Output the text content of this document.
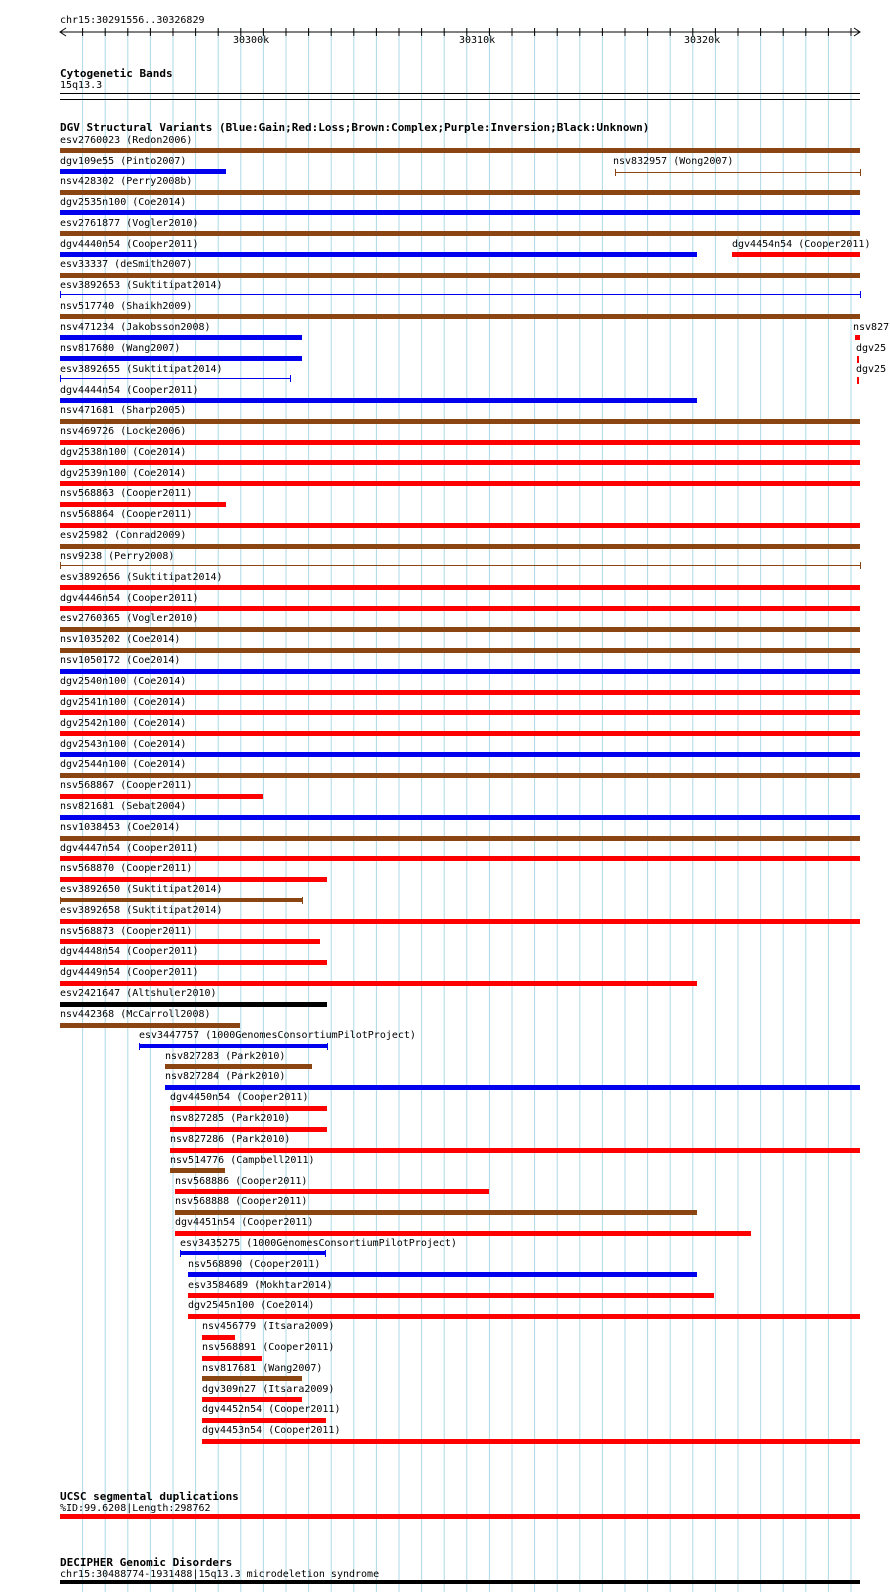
chr15:30291556..30326829
30300k	30310k	30320k
Cytogenetic Bands
15q13.3
DGV Structural Variants (Blue:Gain;Red:Loss;Brown:Complex;Purple:Inversion;Black:Unknown)
esv2760023 (Redon2006)
dgv109e55 (Pinto2007)	nsv832957 (Wong2007)
nsv428302 (Perry2008b)
dgv2535n100 (Coe2014)
esv2761877 (Vogler2010)
dgv4440n54 (Cooper2011)	dgv4454n54 (Cooper2011)
esv33337 (deSmith2007)
esv3892653 (Suktitipat2014)
nsv517740 (Shaikh2009)
nsv471234 (Jakobsson2008)	nsv827
nsv817680 (Wang2007)	dgv25
esv3892655 (Suktitipat2014)	dgv25
dgv4444n54 (Cooper2011)
nsv471681 (Sharp2005)
nsv469726 (Locke2006)
dgv2538n100 (Coe2014)
dgv2539n100 (Coe2014)
nsv568863 (Cooper2011)
nsv568864 (Cooper2011)
esv25982 (Conrad2009)
nsv9238 (Perry2008)
esv3892656 (Suktitipat2014)
dgv4446n54 (Cooper2011)
esv2760365 (Vogler2010)
nsv1035202 (Coe2014)
nsv1050172 (Coe2014)
dgv2540n100 (Coe2014)
dgv2541n100 (Coe2014)
dgv2542n100 (Coe2014)
dgv2543n100 (Coe2014)
dgv2544n100 (Coe2014)
nsv568867 (Cooper2011)
nsv821681 (Sebat2004)
nsv1038453 (Coe2014)
dgv4447n54 (Cooper2011)
nsv568870 (Cooper2011)
esv3892650 (Suktitipat2014)
esv3892658 (Suktitipat2014)
nsv568873 (Cooper2011)
dgv4448n54 (Cooper2011)
dgv4449n54 (Cooper2011)
esv2421647 (Altshuler2010)
nsv442368 (McCarroll2008)
esv3447757 (1000GenomesConsortiumPilotProject)
nsv827283 (Park2010)
nsv827284 (Park2010)
dgv4450n54 (Cooper2011)
nsv827285 (Park2010)
nsv827286 (Park2010)
nsv514776 (Campbell2011)
nsv568886 (Cooper2011)
nsv568888 (Cooper2011)
dgv4451n54 (Cooper2011)
esv3435275 (1000GenomesConsortiumPilotProject)
nsv568890 (Cooper2011)
esv3584689 (Mokhtar2014)
dgv2545n100 (Coe2014)
nsv456779 (Itsara2009)
nsv568891 (Cooper2011)
nsv817681 (Wang2007)
dgv309n27 (Itsara2009)
dgv4452n54 (Cooper2011)
dgv4453n54 (Cooper2011)
UCSC segmental duplications
%ID:99.6208|Length:298762
DECIPHER Genomic Disorders
chr15:30488774-1931488|15q13.3 microdeletion syndrome
